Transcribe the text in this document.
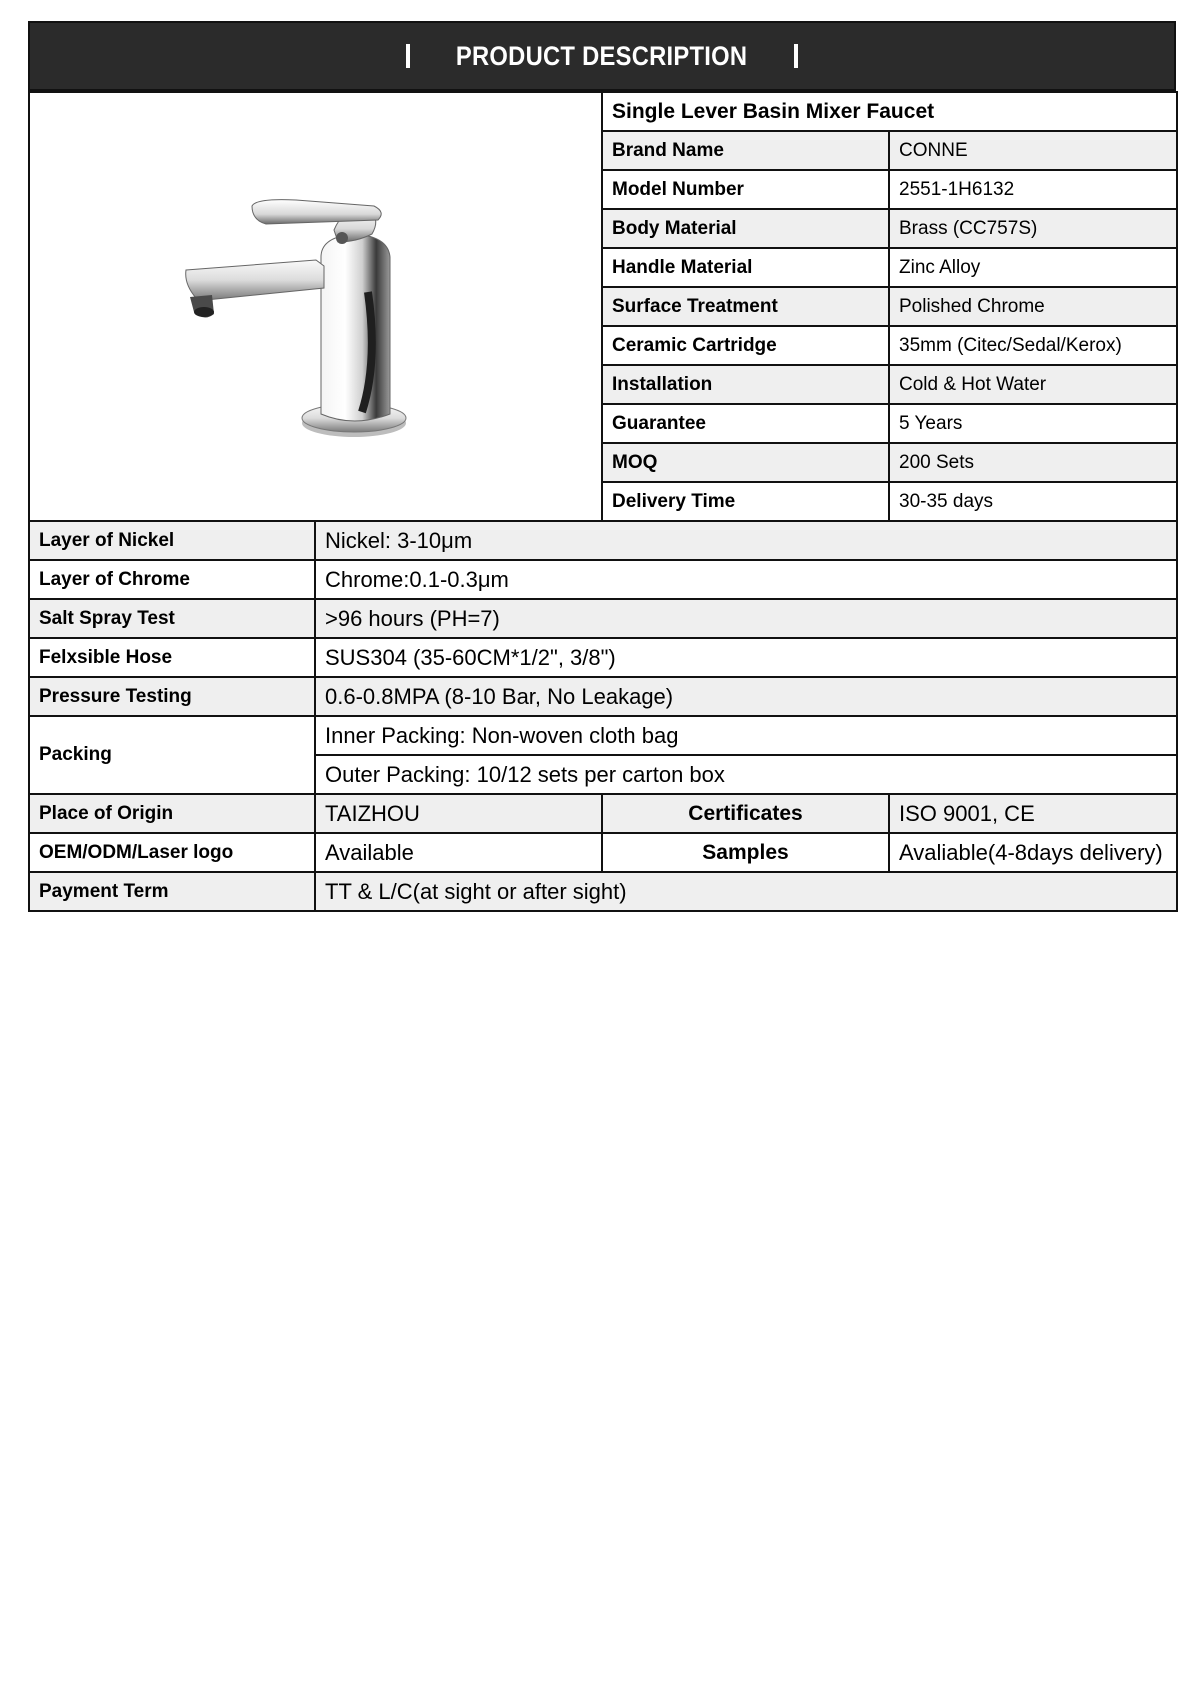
PRODUCT DESCRIPTION
	Single Lever Basin Mixer Faucet	
		Brand Name	CONNE
		Model Number	2551-1H6132
		Body Material	Brass (CC757S)
		Handle Material	Zinc Alloy
		Surface Treatment	Polished Chrome
		Ceramic Cartridge	35mm (Citec/Sedal/Kerox)
		Installation	Cold & Hot Water
		Guarantee	5 Years
		MOQ	200 Sets
		Delivery Time	30-35 days
Layer of Nickel	Nickel: 3-10μm		
Layer of Chrome	Chrome:0.1-0.3μm		
Salt Spray Test	>96 hours (PH=7)		
Felxsible Hose	SUS304 (35-60CM*1/2", 3/8")		
Pressure Testing	0.6-0.8MPA (8-10 Bar, No Leakage)		
Packing	Inner Packing: Non-woven cloth bag		
	Outer Packing: 10/12 sets per carton box		
Place of Origin	TAIZHOU	Certificates	ISO 9001, CE
OEM/ODM/Laser logo	Available	Samples	Avaliable(4-8days delivery)
Payment Term	TT & L/C(at sight or after sight)		
